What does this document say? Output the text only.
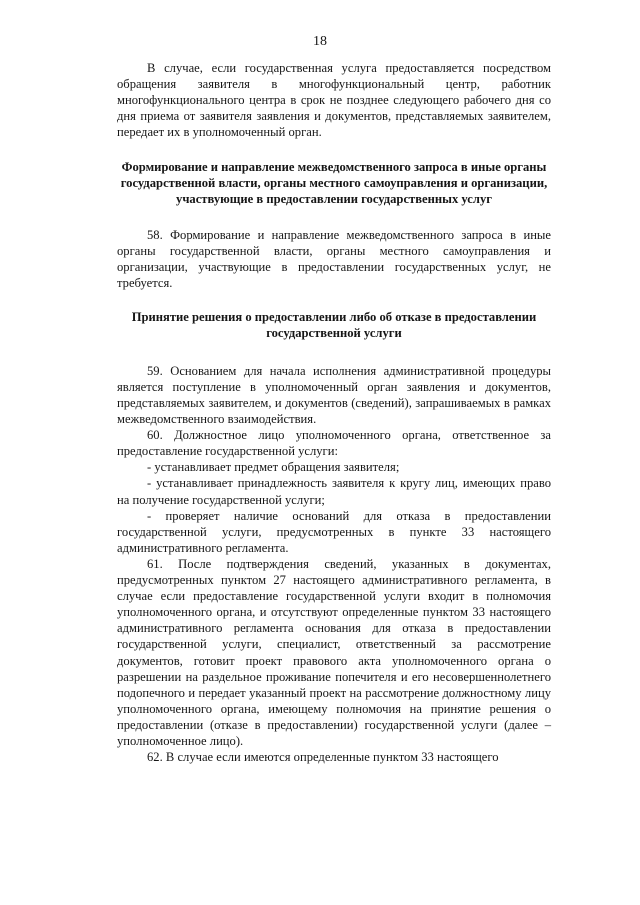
18

В случае, если государственная услуга предоставляется посредством обращения заявителя в многофункциональный центр, работник многофункционального центра в срок не позднее следующего рабочего дня со дня приема от заявителя заявления и документов, представляемых заявителем, передает их в уполномоченный орган.

Формирование и направление межведомственного запроса в иные органы государственной власти, органы местного самоуправления и организации, участвующие в предоставлении государственных услуг

58. Формирование и направление межведомственного запроса в иные органы государственной власти, органы местного самоуправления и организации, участвующие в предоставлении государственных услуг, не требуется.

Принятие решения о предоставлении либо об отказе в предоставлении государственной услуги

59. Основанием для начала исполнения административной процедуры является поступление в уполномоченный орган заявления и документов, представляемых заявителем, и документов (сведений), запрашиваемых в рамках межведомственного взаимодействия.

60. Должностное лицо уполномоченного органа, ответственное за предоставление государственной услуги:

- устанавливает предмет обращения заявителя;

- устанавливает принадлежность заявителя к кругу лиц, имеющих право на получение государственной услуги;

- проверяет наличие оснований для отказа в предоставлении государственной услуги, предусмотренных в пункте 33 настоящего административного регламента.

61. После подтверждения сведений, указанных в документах, предусмотренных пунктом 27 настоящего административного регламента, в случае если предоставление государственной услуги входит в полномочия уполномоченного органа, и отсутствуют определенные пунктом 33 настоящего административного регламента основания для отказа в предоставлении государственной услуги, специалист, ответственный за рассмотрение документов, готовит проект правового акта уполномоченного органа о разрешении на раздельное проживание попечителя и его несовершеннолетнего подопечного и передает указанный проект на рассмотрение должностному лицу уполномоченного органа, имеющему полномочия на принятие решения о предоставлении (отказе в предоставлении) государственной услуги (далее – уполномоченное лицо).

62. В случае если имеются определенные пунктом 33 настоящего
